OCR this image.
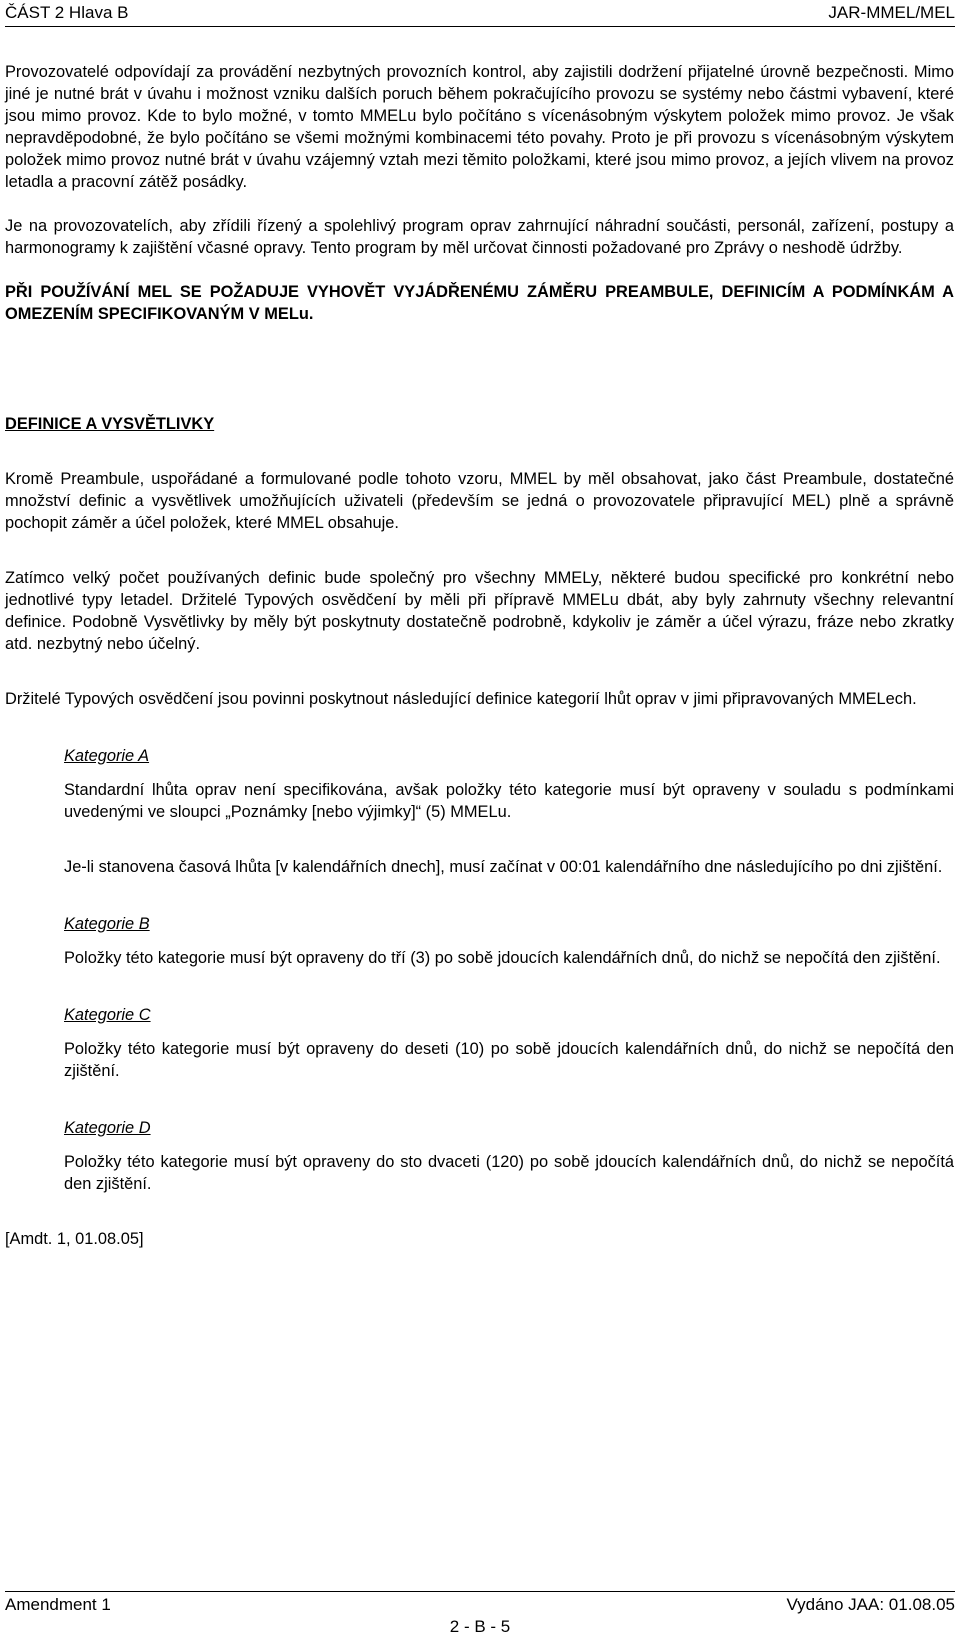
ČÁST 2 Hlava B	JAR-MMEL/MEL

Provozovatelé odpovídají za provádění nezbytných provozních kontrol, aby zajistili dodržení přijatelné úrovně bezpečnosti. Mimo jiné je nutné brát v úvahu i možnost vzniku dalších poruch během pokračujícího provozu se systémy nebo částmi vybavení, které jsou mimo provoz. Kde to bylo možné, v tomto MMELu bylo počítáno s vícenásobným výskytem položek mimo provoz. Je však nepravděpodobné, že bylo počítáno se všemi možnými kombinacemi této povahy. Proto je při provozu s vícenásobným výskytem položek mimo provoz nutné brát v úvahu vzájemný vztah mezi těmito položkami, které jsou mimo provoz, a jejích vlivem na provoz letadla a pracovní zátěž posádky.

Je na provozovatelích, aby zřídili řízený a spolehlivý program oprav zahrnující náhradní součásti, personál, zařízení, postupy a harmonogramy k zajištění včasné opravy. Tento program by měl určovat činnosti požadované pro Zprávy o neshodě údržby.

PŘI POUŽÍVÁNÍ MEL SE POŽADUJE VYHOVĚT VYJÁDŘENÉMU ZÁMĚRU PREAMBULE, DEFINICÍM A PODMÍNKÁM A OMEZENÍM SPECIFIKOVANÝM V MELu.

DEFINICE A VYSVĚTLIVKY

Kromě Preambule, uspořádané a formulované podle tohoto vzoru, MMEL by měl obsahovat, jako část Preambule, dostatečné množství definic a vysvětlivek umožňujících uživateli (především se jedná o provozovatele připravující MEL) plně a správně pochopit záměr a účel položek, které MMEL obsahuje.

Zatímco velký počet používaných definic bude společný pro všechny MMELy, některé budou specifické pro konkrétní nebo jednotlivé typy letadel. Držitelé Typových osvědčení by měli při přípravě MMELu dbát, aby byly zahrnuty všechny relevantní definice. Podobně Vysvětlivky by měly být poskytnuty dostatečně podrobně, kdykoliv je záměr a účel výrazu, fráze nebo zkratky atd. nezbytný nebo účelný.

Držitelé Typových osvědčení jsou povinni poskytnout následující definice kategorií lhůt oprav v jimi připravovaných MMELech.

Kategorie A

Standardní lhůta oprav není specifikována, avšak položky této kategorie musí být opraveny v souladu s podmínkami uvedenými ve sloupci „Poznámky [nebo výjimky]“ (5) MMELu.

Je-li stanovena časová lhůta [v kalendářních dnech], musí začínat v 00:01 kalendářního dne následujícího po dni zjištění.

Kategorie B

Položky této kategorie musí být opraveny do tří (3) po sobě jdoucích kalendářních dnů, do nichž se nepočítá den zjištění.

Kategorie C

Položky této kategorie musí být opraveny do deseti (10) po sobě jdoucích kalendářních dnů, do nichž se nepočítá den zjištění.

Kategorie D

Položky této kategorie musí být opraveny do sto dvaceti (120) po sobě jdoucích kalendářních dnů, do nichž se nepočítá den zjištění.

[Amdt. 1, 01.08.05]

Amendment 1	Vydáno JAA: 01.08.05
2 - B - 5
